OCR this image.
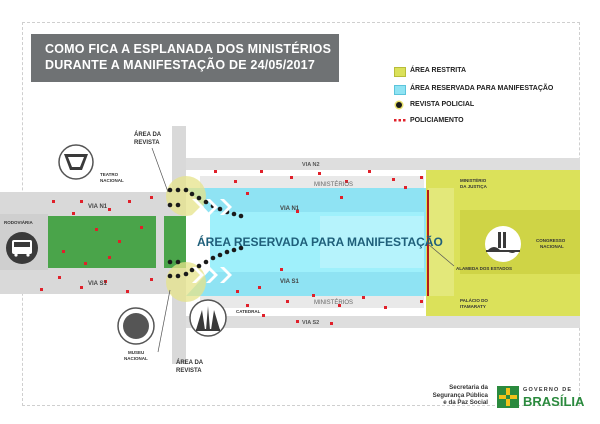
COMO FICA A ESPLANADA DOS MINISTÉRIOS
DURANTE A MANIFESTAÇÃO DE 24/05/2017	ÁREA RESTRITA
ÁREA RESERVADA PARA MANIFESTAÇÃO
REVISTA POLICIAL
POLICIAMENTO
VIA N2
VIA N1	VIA N1
VIA S1	VIA S1
VIA S2
MINISTÉRIOS
MINISTÉRIOS
ÁREA RESERVADA PARA MANIFESTAÇÃO
RODOVIÁRIA
ÁREA DA REVISTA
ÁREA DA REVISTA
TEATRO NACIONAL
MUSEU NACIONAL
CATEDRAL
MINISTÉRIO DA JUSTIÇA
PALÁCIO DO ITAMARATY
CONGRESSO NACIONAL
ALAMEDA DOS ESTADOS
Secretaria da
Segurança Pública
e da Paz Social
GOVERNO DE
BRASÍLIA
